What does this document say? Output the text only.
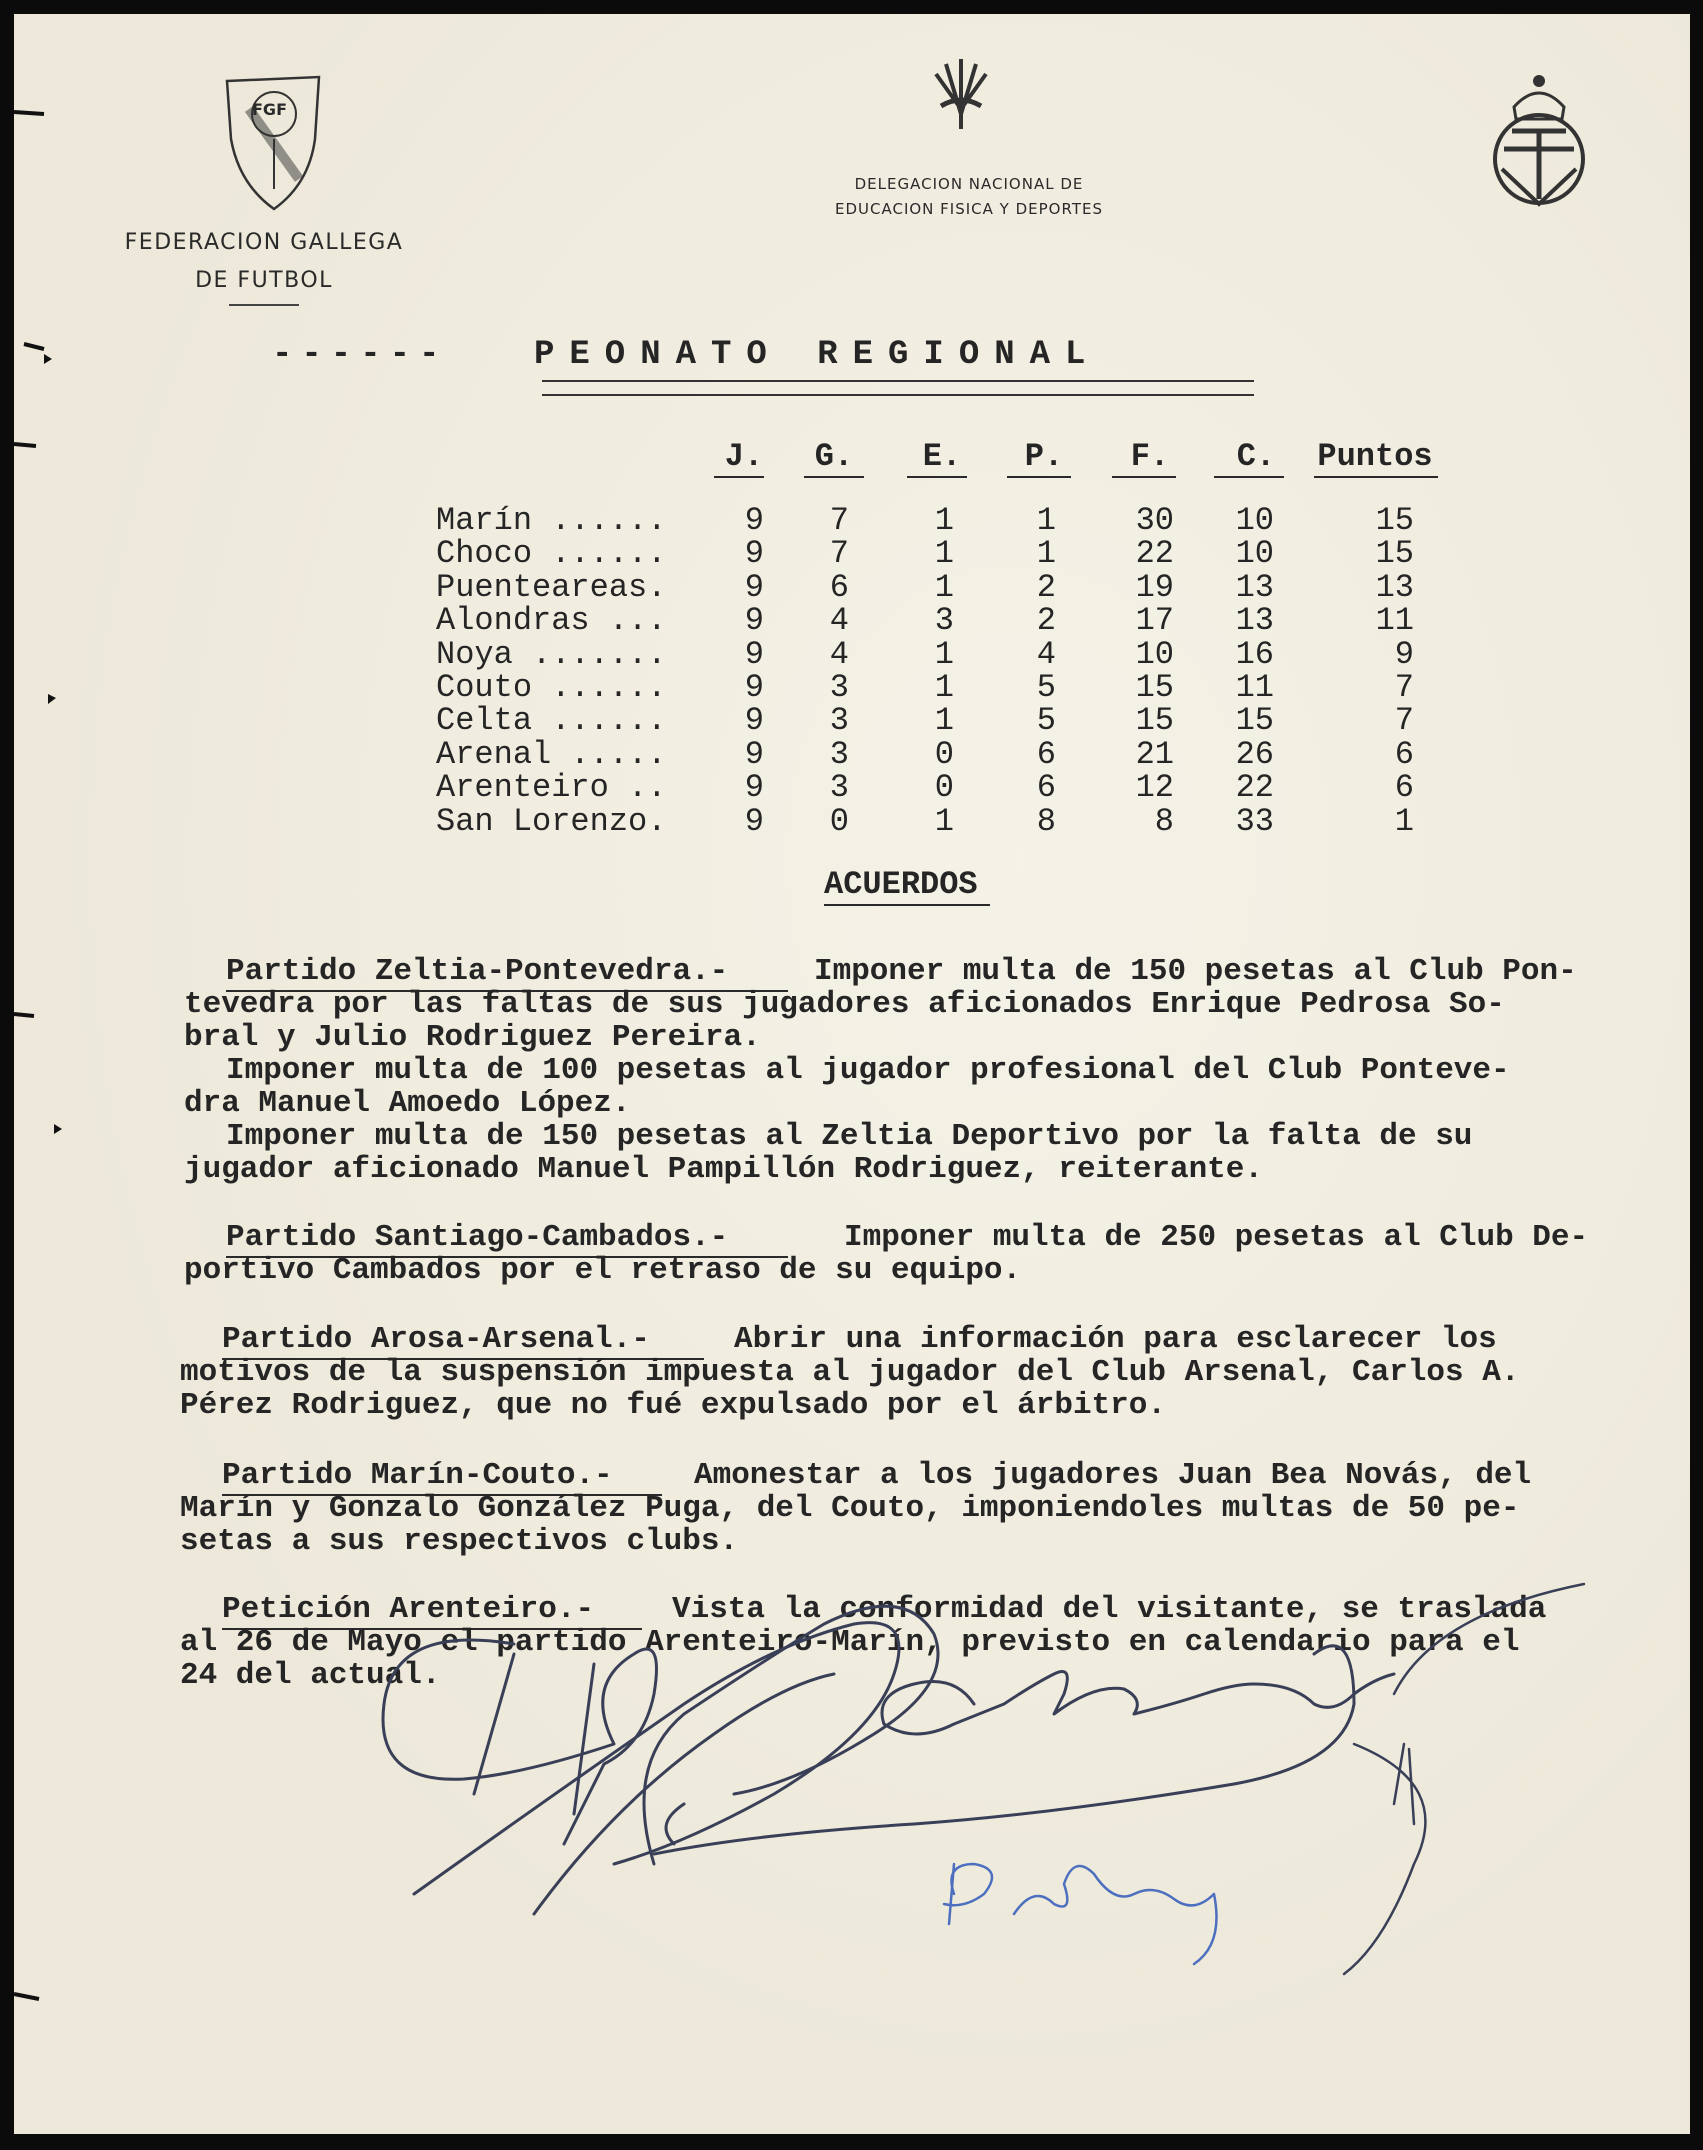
FGF
FEDERACION GALLEGA
DE FUTBOL
DELEGACION NACIONAL DE
EDUCACION FISICA Y DEPORTES
------	PEONATO REGIONAL
J.	G.	E.	P.	F.	C.	Puntos
Marín ......	9	7	1	1	30	10	15
Choco ......	9	7	1	1	22	10	15
Puenteareas.	9	6	1	2	19	13	13
Alondras ...	9	4	3	2	17	13	11
Noya .......	9	4	1	4	10	16	9
Couto ......	9	3	1	5	15	11	7
Celta ......	9	3	1	5	15	15	7
Arenal .....	9	3	0	6	21	26	6
Arenteiro ..	9	3	0	6	12	22	6
San Lorenzo.	9	0	1	8	8	33	1
ACUERDOS
Partido Zeltia-Pontevedra.-	Imponer multa de 150 pesetas al Club Pon-
tevedra por las faltas de sus jugadores aficionados Enrique Pedrosa So-
bral y Julio Rodriguez Pereira.
Imponer multa de 100 pesetas al jugador profesional del Club Ponteve-
dra Manuel Amoedo López.
Imponer multa de 150 pesetas al Zeltia Deportivo por la falta de su
jugador aficionado Manuel Pampillón Rodriguez, reiterante.
Partido Santiago-Cambados.-	Imponer multa de 250 pesetas al Club De-
portivo Cambados por el retraso de su equipo.
Partido Arosa-Arsenal.-	Abrir una información para esclarecer los
motivos de la suspensión impuesta al jugador del Club Arsenal, Carlos A.
Pérez Rodriguez, que no fué expulsado por el árbitro.
Partido Marín-Couto.-	Amonestar a los jugadores Juan Bea Novás, del
Marín y Gonzalo González Puga, del Couto, imponiendoles multas de 50 pe-
setas a sus respectivos clubs.
Petición Arenteiro.-	Vista la conformidad del visitante, se traslada
al 26 de Mayo el partido Arenteiro-Marín, previsto en calendario para el
24 del actual.
